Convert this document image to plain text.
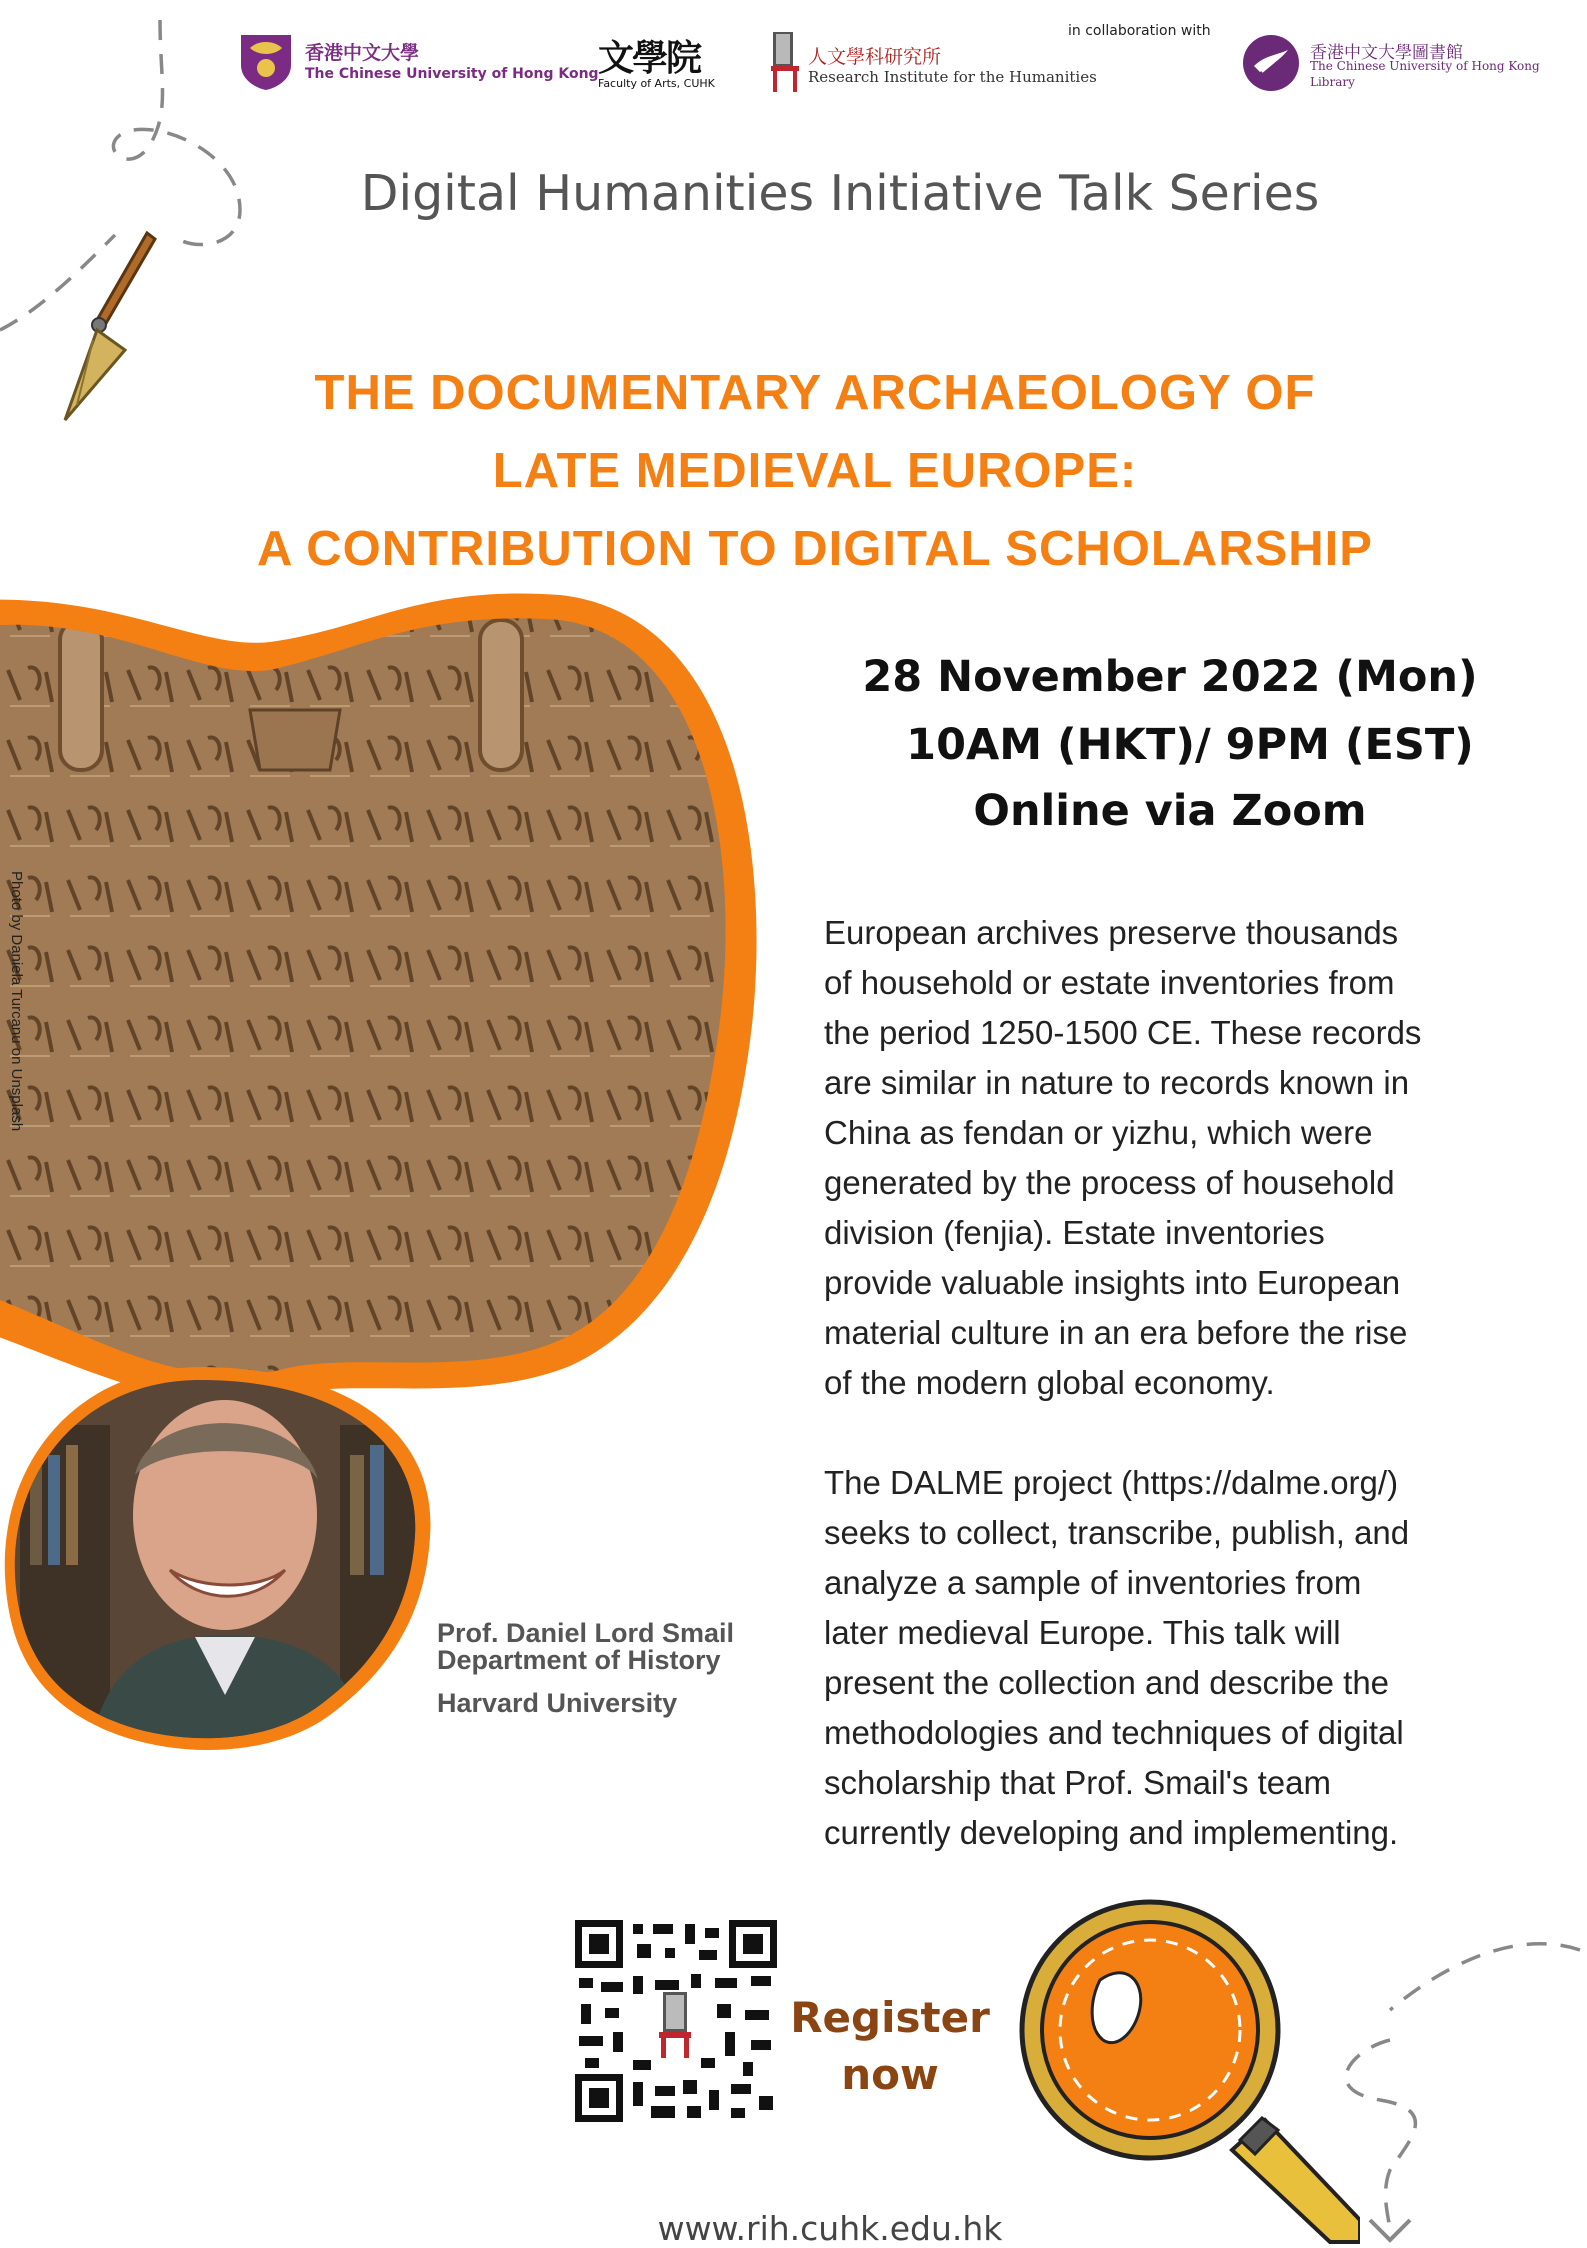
香港中文大學
The Chinese University of Hong Kong 文學院
Faculty of Arts, CUHK
人文學科研究所
Research Institute for the Humanities
in collaboration with
香港中文大學圖書館
The Chinese University of Hong Kong
Library
Digital Humanities Initiative Talk Series
THE DOCUMENTARY ARCHAEOLOGY OF
LATE MEDIEVAL EUROPE:
A CONTRIBUTION TO DIGITAL SCHOLARSHIP
Photo by Daniela Turcanu on Unsplash
Prof. Daniel Lord Smail
Department of History
Harvard University
28 November 2022 (Mon)
10AM (HKT)/ 9PM (EST)
Online via Zoom
European archives preserve thousands
of household or estate inventories from
the period 1250-1500 CE. These records
are similar in nature to records known in
China as fendan or yizhu, which were
generated by the process of household
division (fenjia). Estate inventories
provide valuable insights into European
material culture in an era before the rise
of the modern global economy.
The DALME project (https://dalme.org/)
seeks to collect, transcribe, publish, and
analyze a sample of inventories from
later medieval Europe. This talk will
present the collection and describe the
methodologies and techniques of digital
scholarship that Prof. Smail's team
currently developing and implementing.
Register
now
www.rih.cuhk.edu.hk
